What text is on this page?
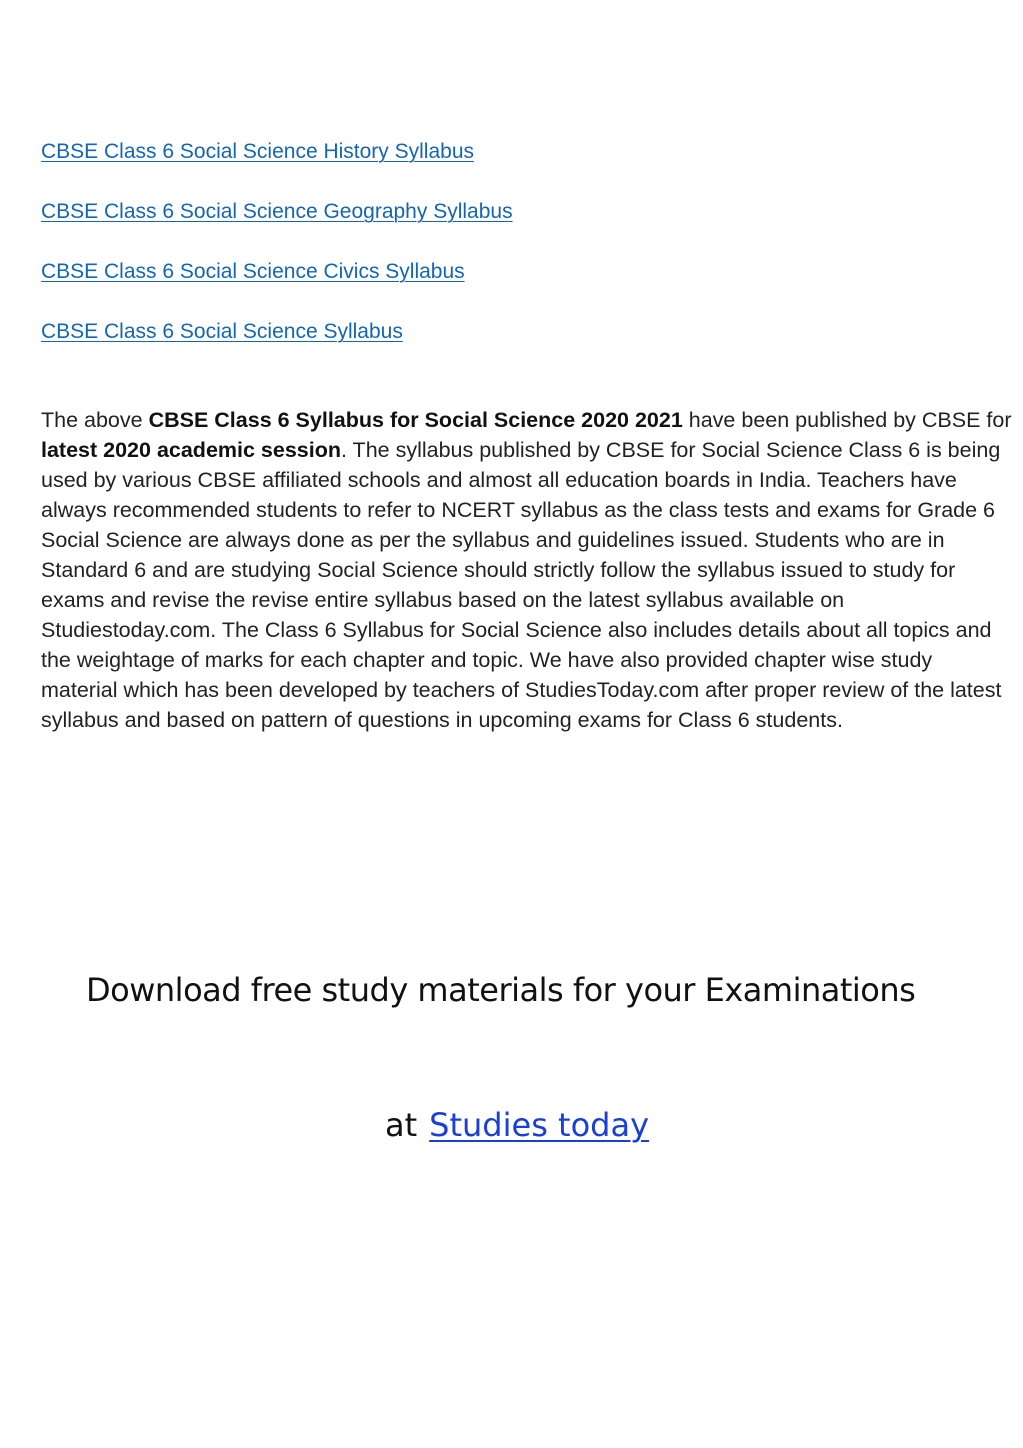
CBSE Class 6 Social Science History Syllabus
CBSE Class 6 Social Science Geography Syllabus
CBSE Class 6 Social Science Civics Syllabus
CBSE Class 6 Social Science Syllabus

The above CBSE Class 6 Syllabus for Social Science 2020 2021 have been published by CBSE for latest 2020 academic session. The syllabus published by CBSE for Social Science Class 6 is being used by various CBSE affiliated schools and almost all education boards in India. Teachers have always recommended students to refer to NCERT syllabus as the class tests and exams for Grade 6 Social Science are always done as per the syllabus and guidelines issued. Students who are in Standard 6 and are studying Social Science should strictly follow the syllabus issued to study for exams and revise the revise entire syllabus based on the latest syllabus available on Studiestoday.com. The Class 6 Syllabus for Social Science also includes details about all topics and the weightage of marks for each chapter and topic. We have also provided chapter wise study material which has been developed by teachers of StudiesToday.com after proper review of the latest syllabus and based on pattern of questions in upcoming exams for Class 6 students.

Download free study materials for your Examinations
at Studies today
